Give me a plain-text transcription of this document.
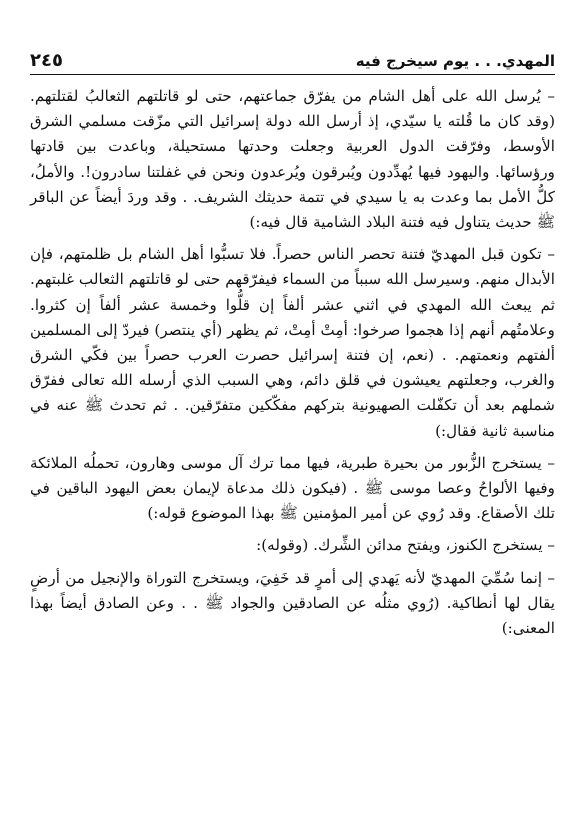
المهدي. . . يوم سيخرج فيه
٢٤٥

– يُرسل الله على أهل الشام من يفرّق جماعتهم، حتى لو قاتلتهم الثعالبُ لقتلتهم. (وقد كان ما قُلته يا سيّدي، إذ أرسل الله دولة إسرائيل التي مزّقت مسلمي الشرق الأوسط، وفرّقت الدول العربية وجعلت وحدتها مستحيلة، وباعدت بين قادتها ورؤسائها. واليهود فيها يُهدِّدون ويُبرقون ويُرعدون ونحن في غفلتنا سادرون!. والأملُ، كلُّ الأمل بما وعدت به يا سيدي في تتمة حديثك الشريف. . وقد وردَ أيضاً عن الباقر ﷺ حديث يتناول فيه فتنة البلاد الشامية قال فيه:)

– تكون قبل المهديّ فتنة تحصر الناس حصراً. فلا تسبُّوا أهل الشام بل ظلمتهم، فإن الأبدال منهم. وسيرسل الله سبباً من السماء فيفرّقهم حتى لو قاتلتهم الثعالب غلبتهم. ثم يبعث الله المهدي في اثني عشر ألفاً إن قلُّوا وخمسة عشر ألفاً إن كثروا. وعلامتُهم أنهم إذا هجموا صرخوا: أمِتْ أمِتْ، ثم يظهر (أي ينتصر) فيردّ إلى المسلمين ألفتهم ونعمتهم. . (نعم، إن فتنة إسرائيل حصرت العرب حصراً بين فكّي الشرق والغرب، وجعلتهم يعيشون في قلق دائم، وهي السبب الذي أرسله الله تعالى ففرّق شملهم بعد أن تكفّلت الصهيونية بتركهم مفكّكين متفرّقين. . ثم تحدث ﷺ عنه في مناسبة ثانية فقال:)

– يستخرج الزُّبور من بحيرة طبرية، فيها مما ترك آل موسى وهارون، تحملُه الملائكة وفيها الألواحُ وعصا موسى ﷺ . (فيكون ذلك مدعاة لإيمان بعض اليهود الباقين في تلك الأصقاع. وقد رُوي عن أمير المؤمنين ﷺ بهذا الموضوع قوله:)

– يستخرج الكنوز، ويفتح مدائن الشِّرك. (وقوله):

– إنما سُمِّيَ المهديّ لأنه يَهدي إلى أمرٍ قد خَفِيَ، ويستخرج التوراة والإنجيل من أرضٍ يقال لها أنطاكية. (رُوي مثلُه عن الصادقين والجواد ﷺ . . وعن الصادق أيضاً بهذا المعنى:)
